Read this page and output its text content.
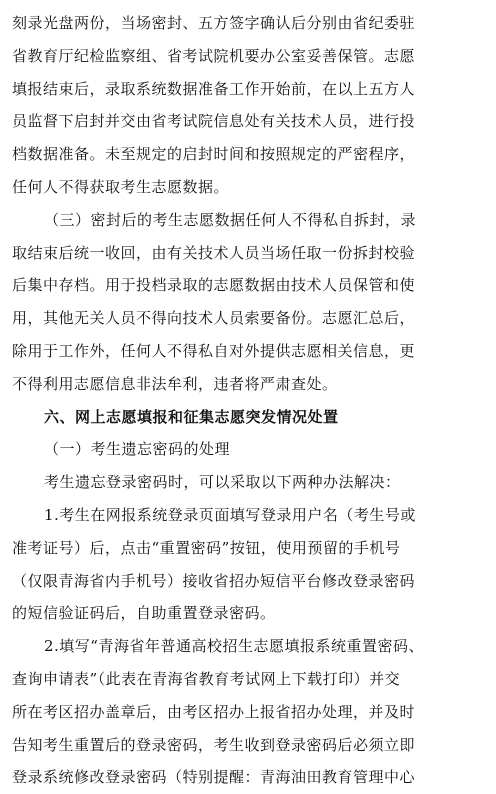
刻录光盘两份，当场密封、五方签字确认后分别由省纪委驻
省教育厅纪检监察组、省考试院机要办公室妥善保管。志愿
填报结束后，录取系统数据准备工作开始前，在以上五方人
员监督下启封并交由省考试院信息处有关技术人员，进行投
档数据准备。未至规定的启封时间和按照规定的严密程序，
任何人不得获取考生志愿数据。
（三）密封后的考生志愿数据任何人不得私自拆封，录
取结束后统一收回，由有关技术人员当场任取一份拆封校验
后集中存档。用于投档录取的志愿数据由技术人员保管和使
用，其他无关人员不得向技术人员索要备份。志愿汇总后，
除用于工作外，任何人不得私自对外提供志愿相关信息，更
不得利用志愿信息非法牟利，违者将严肃查处。
六、网上志愿填报和征集志愿突发情况处置
（一）考生遗忘密码的处理
考生遗忘登录密码时，可以采取以下两种办法解决：
1.考生在网报系统登录页面填写登录用户名（考生号或
准考证号）后，点击“重置密码”按钮，使用预留的手机号
（仅限青海省内手机号）接收省招办短信平台修改登录密码
的短信验证码后，自助重置登录密码。
2.填写“青海省年普通高校招生志愿填报系统重置密码、
查询申请表”（此表在青海省教育考试网上下载打印）并交
所在考区招办盖章后，由考区招办上报省招办处理，并及时
告知考生重置后的登录密码，考生收到登录密码后必须立即
登录系统修改登录密码（特别提醒：青海油田教育管理中心
